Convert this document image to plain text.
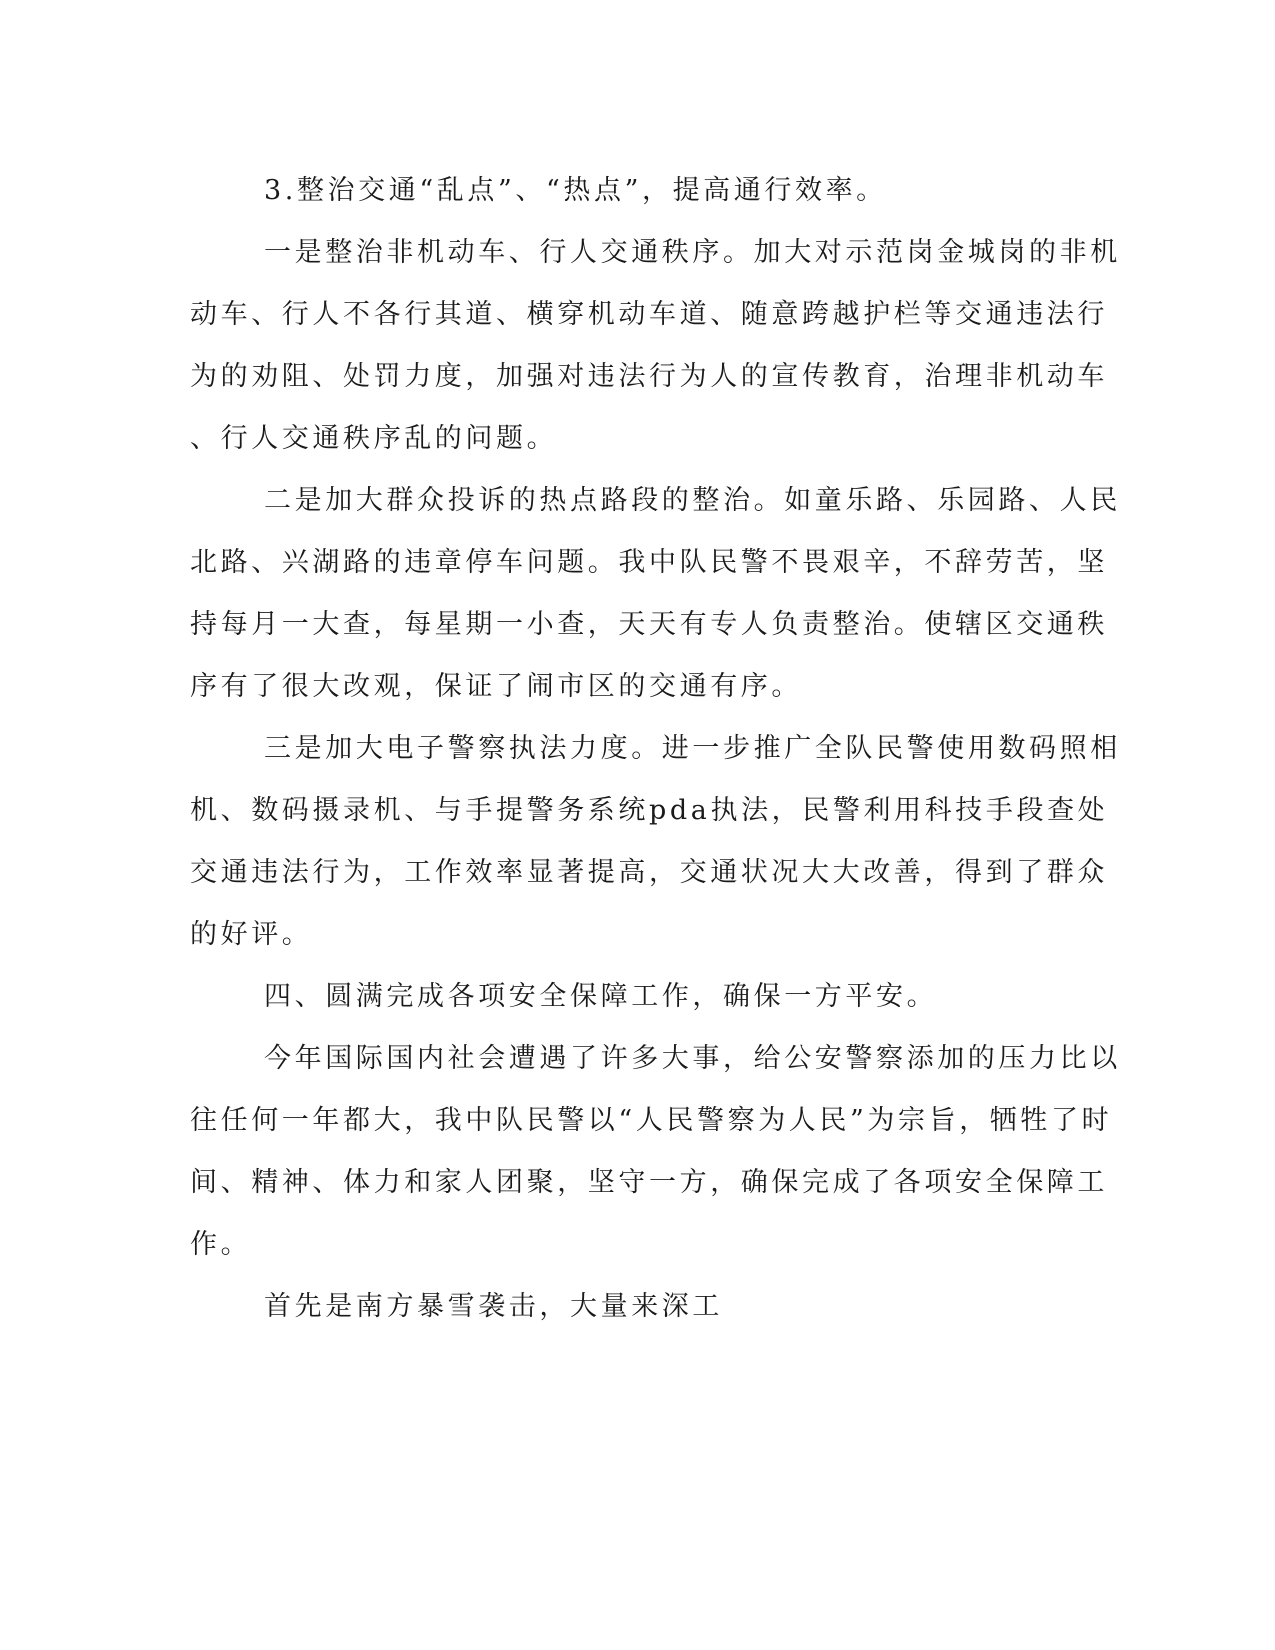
3.整治交通“乱点”、“热点”，提高通行效率。
一是整治非机动车、行人交通秩序。加大对示范岗金城岗的非机
动车、行人不各行其道、横穿机动车道、随意跨越护栏等交通违法行
为的劝阻、处罚力度，加强对违法行为人的宣传教育，治理非机动车
、行人交通秩序乱的问题。
二是加大群众投诉的热点路段的整治。如童乐路、乐园路、人民
北路、兴湖路的违章停车问题。我中队民警不畏艰辛，不辞劳苦，坚
持每月一大查，每星期一小查，天天有专人负责整治。使辖区交通秩
序有了很大改观，保证了闹市区的交通有序。
三是加大电子警察执法力度。进一步推广全队民警使用数码照相
机、数码摄录机、与手提警务系统pda执法，民警利用科技手段查处
交通违法行为，工作效率显著提高，交通状况大大改善，得到了群众
的好评。
四、圆满完成各项安全保障工作，确保一方平安。
今年国际国内社会遭遇了许多大事，给公安警察添加的压力比以
往任何一年都大，我中队民警以“人民警察为人民”为宗旨，牺牲了时
间、精神、体力和家人团聚，坚守一方，确保完成了各项安全保障工
作。
首先是南方暴雪袭击，大量来深工
